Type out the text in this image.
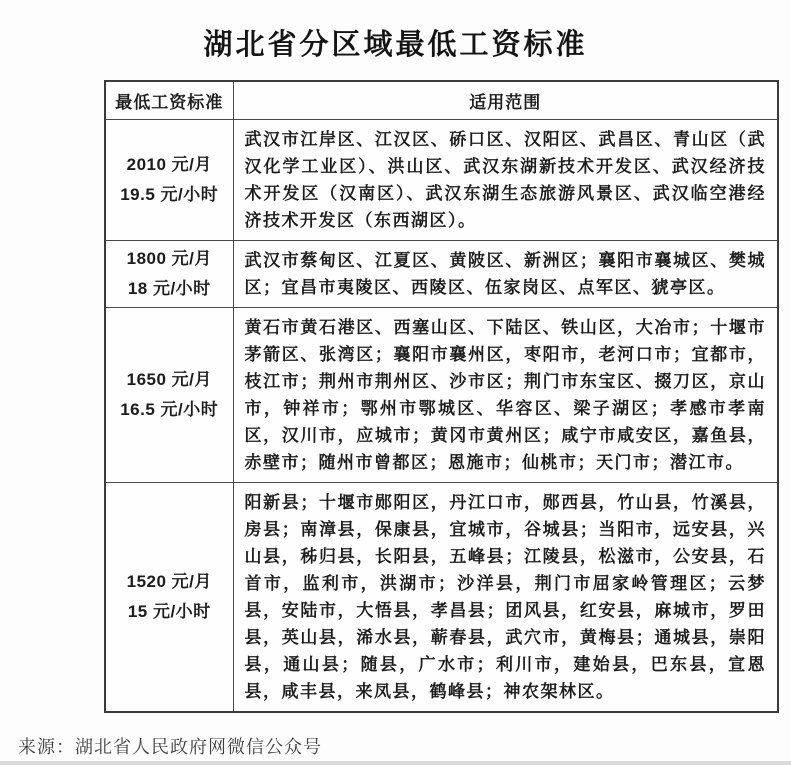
湖北省分区域最低工资标准
最低工资标准	适用范围

2010 元/月
19.5 元/小时	武汉市江岸区、江汉区、硚口区、汉阳区、武昌区、青山区（武汉化学工业区）、洪山区、武汉东湖新技术开发区、武汉经济技术开发区（汉南区）、武汉东湖生态旅游风景区、武汉临空港经济技术开发区（东西湖区）。

1800 元/月
18 元/小时	武汉市蔡甸区、江夏区、黄陂区、新洲区；襄阳市襄城区、樊城区；宜昌市夷陵区、西陵区、伍家岗区、点军区、猇亭区。

1650 元/月
16.5 元/小时	黄石市黄石港区、西塞山区、下陆区、铁山区，大冶市；十堰市茅箭区、张湾区；襄阳市襄州区，枣阳市，老河口市；宜都市，枝江市；荆州市荆州区、沙市区；荆门市东宝区、掇刀区，京山市，钟祥市；鄂州市鄂城区、华容区、梁子湖区；孝感市孝南区，汉川市，应城市；黄冈市黄州区；咸宁市咸安区，嘉鱼县，赤壁市；随州市曾都区；恩施市；仙桃市；天门市；潜江市。

1520 元/月
15 元/小时	阳新县；十堰市郧阳区，丹江口市，郧西县，竹山县，竹溪县，房县；南漳县，保康县，宜城市，谷城县；当阳市，远安县，兴山县，秭归县，长阳县，五峰县；江陵县，松滋市，公安县，石首市，监利市，洪湖市；沙洋县，荆门市屈家岭管理区；云梦县，安陆市，大悟县，孝昌县；团风县，红安县，麻城市，罗田县，英山县，浠水县，蕲春县，武穴市，黄梅县；通城县，崇阳县，通山县；随县，广水市；利川市，建始县，巴东县，宣恩县，咸丰县，来凤县，鹤峰县；神农架林区。
来源：湖北省人民政府网微信公众号
